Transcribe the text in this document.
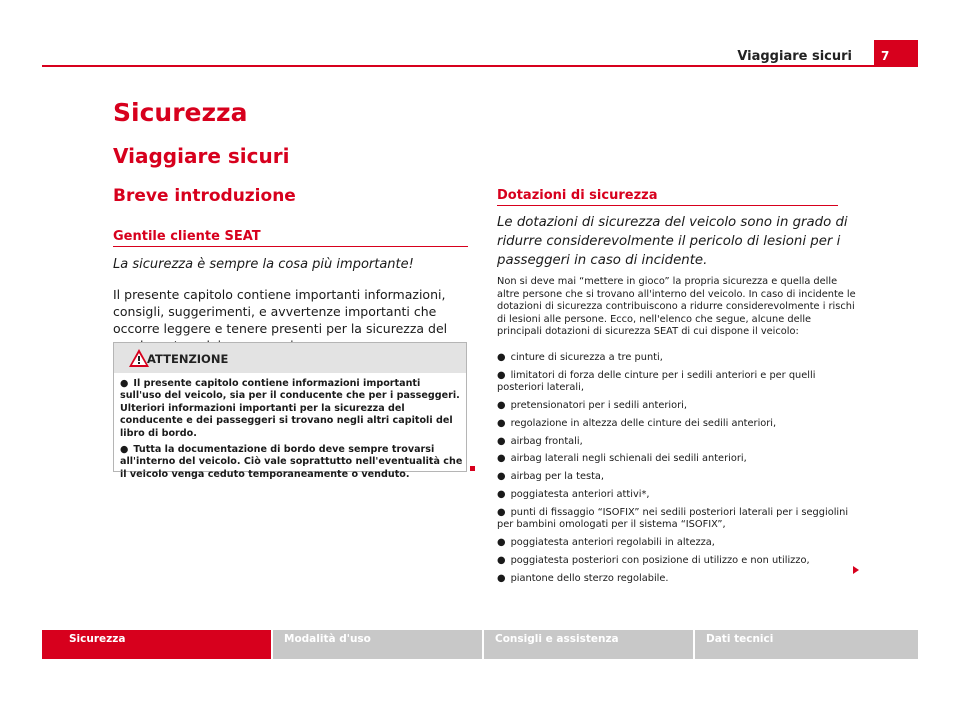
Viaggiare sicuri	7
Sicurezza
Viaggiare sicuri
Breve introduzione
Gentile cliente SEAT
La sicurezza è sempre la cosa più importante!
Il presente capitolo contiene importanti informazioni, consigli, suggerimenti, e avvertenze importanti che occorre leggere e tenere presenti per la sicurezza del
ATTENZIONE
● Il presente capitolo contiene informazioni importanti sull'uso del veicolo, sia per il conducente che per i passeggeri. Ulteriori informazioni importanti per la sicurezza del conducente e dei passeggeri si trovano negli altri capitoli del libro di bordo.
● Tutta la documentazione di bordo deve sempre trovarsi all'interno del veicolo. Ciò vale soprattutto nell'eventualità che il veicolo venga ceduto temporaneamente o venduto.
Dotazioni di sicurezza
Le dotazioni di sicurezza del veicolo sono in grado di ridurre considerevolmente il pericolo di lesioni per i passeggeri in caso di incidente.
Non si deve mai “mettere in gioco” la propria sicurezza e quella delle altre persone che si trovano all'interno del veicolo. In caso di incidente le dotazioni di sicurezza contribuiscono a ridurre considerevolmente i rischi di lesioni alle persone. Ecco, nell'elenco che segue, alcune delle principali dotazioni di sicurezza SEAT di cui dispone il veicolo:
● cinture di sicurezza a tre punti,
● limitatori di forza delle cinture per i sedili anteriori e per quelli posteriori laterali,
● pretensionatori per i sedili anteriori,
● regolazione in altezza delle cinture dei sedili anteriori,
● airbag frontali,
● airbag laterali negli schienali dei sedili anteriori,
● airbag per la testa,
● poggiatesta anteriori attivi*,
● punti di fissaggio “ISOFIX” nei sedili posteriori laterali per i seggiolini per bambini omologati per il sistema “ISOFIX”,
● poggiatesta anteriori regolabili in altezza,
● poggiatesta posteriori con posizione di utilizzo e non utilizzo,
● piantone dello sterzo regolabile.
Sicurezza	Modalità d'uso	Consigli e assistenza	Dati tecnici
